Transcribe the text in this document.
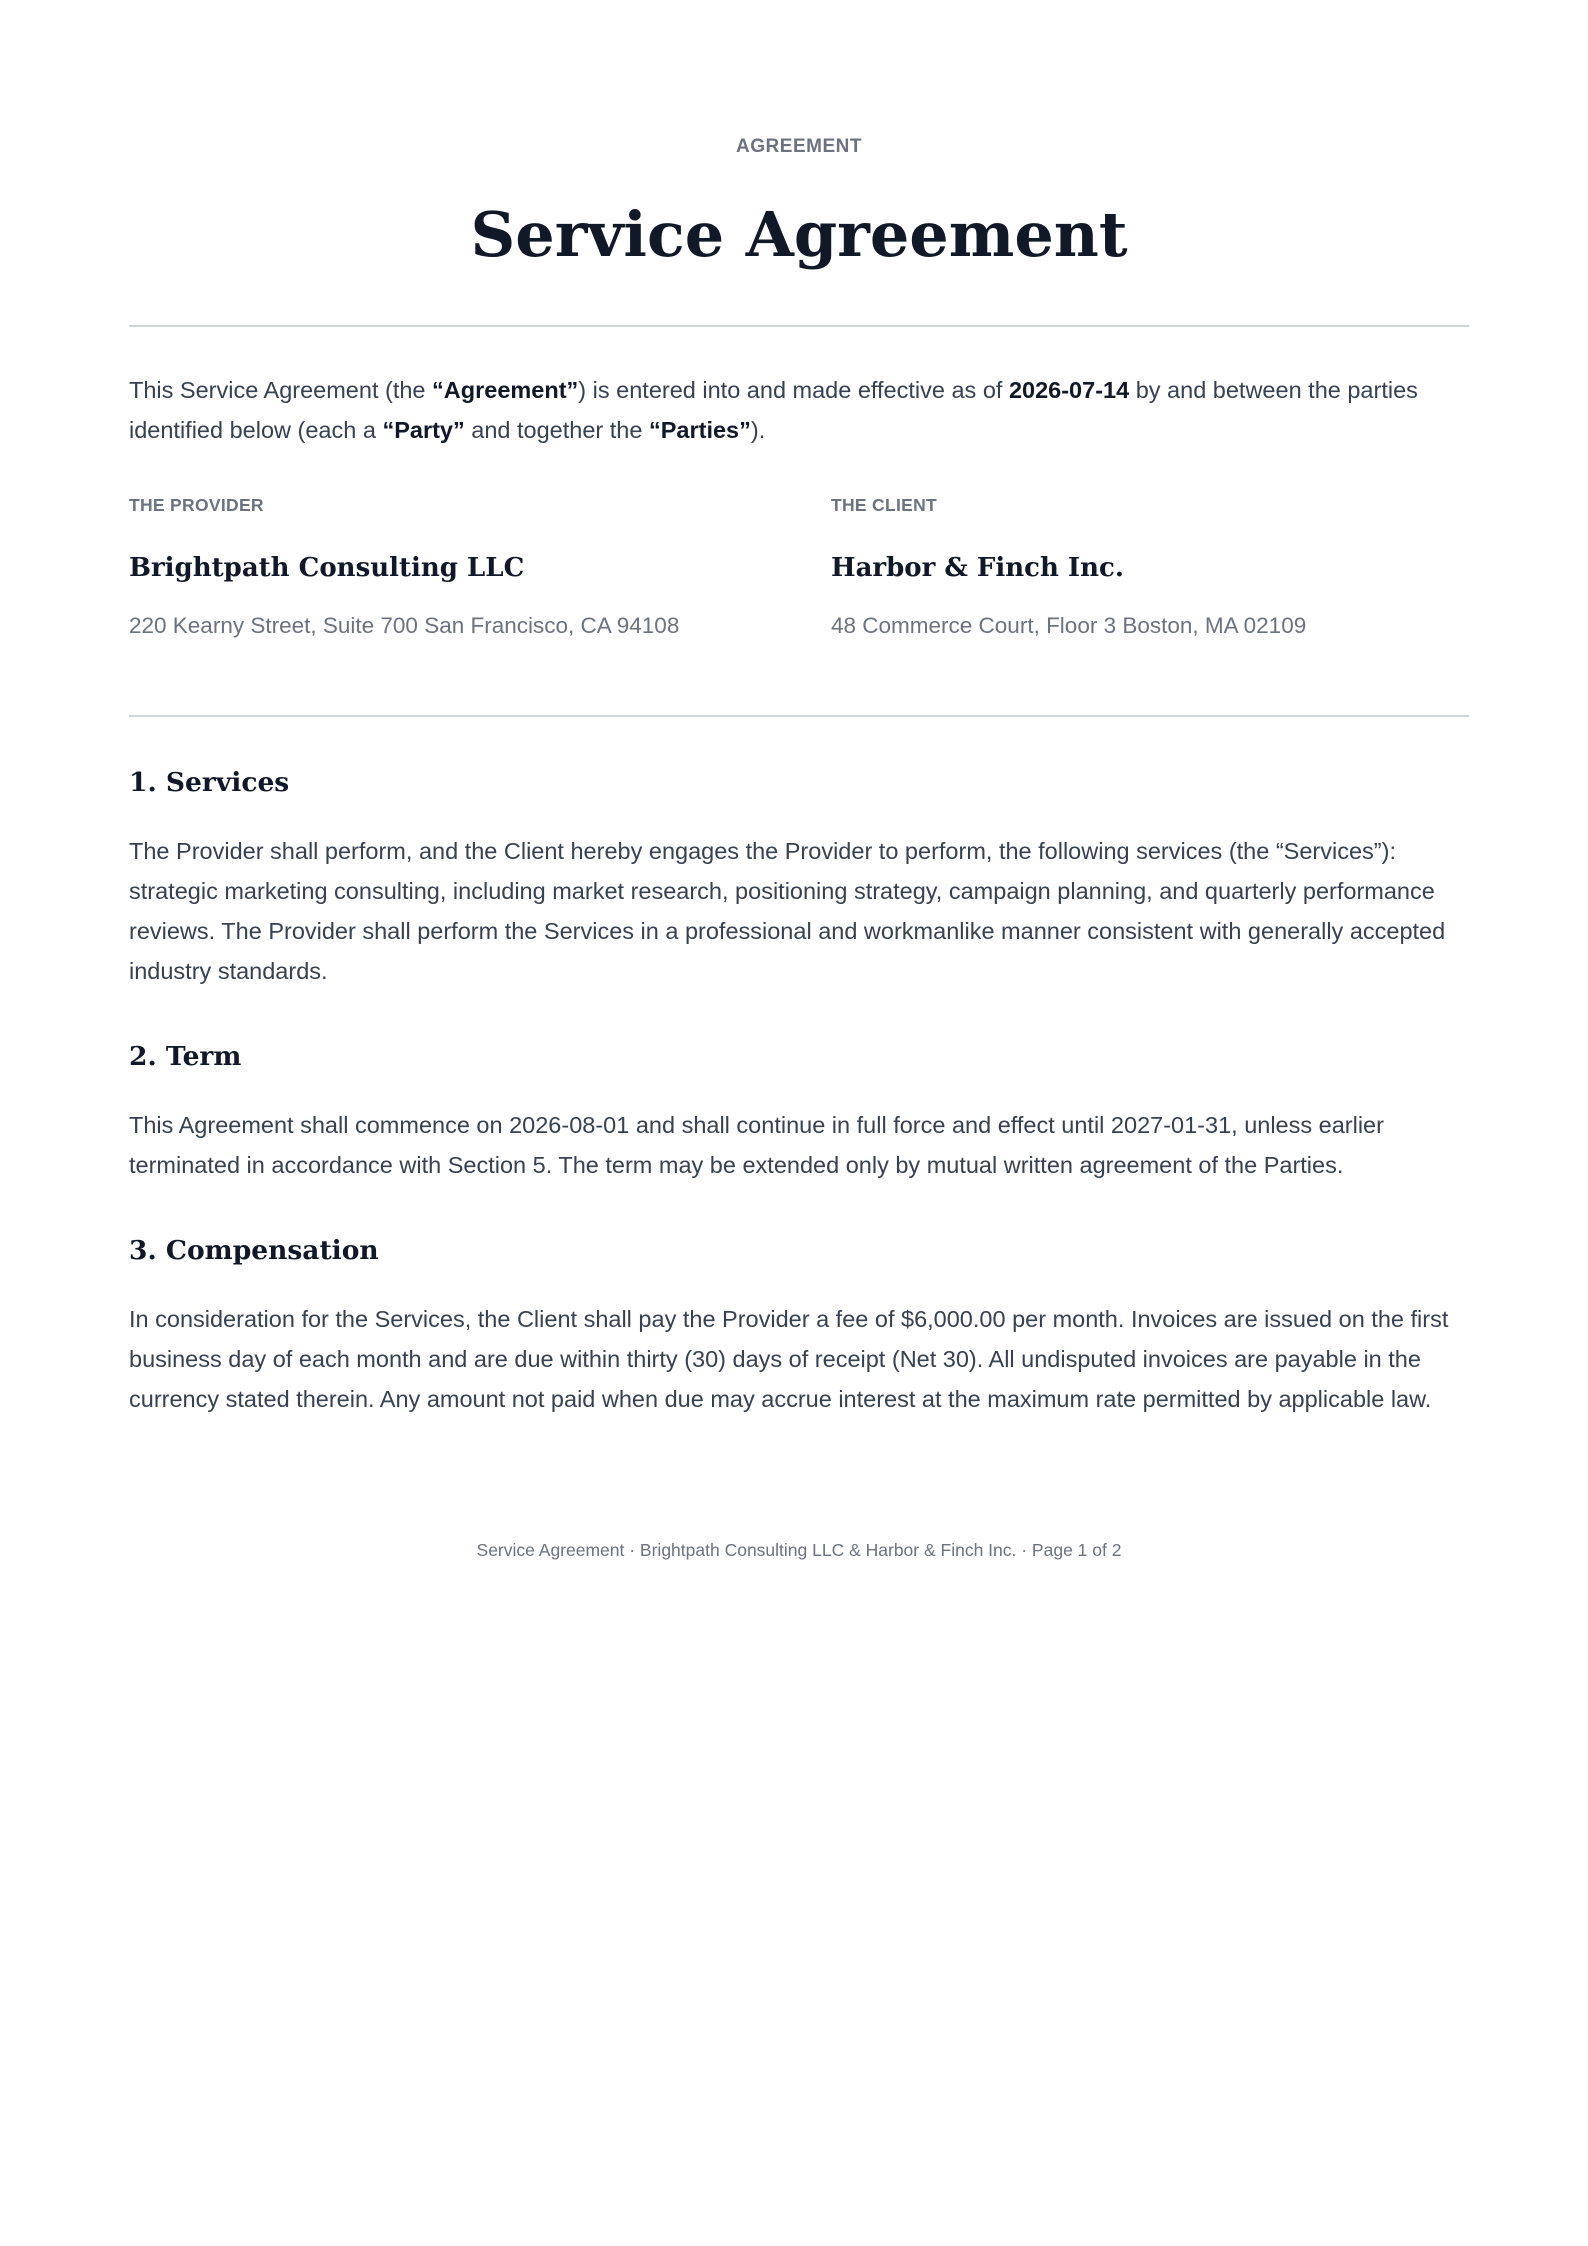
AGREEMENT
Service Agreement

This Service Agreement (the “Agreement”) is entered into and made effective as of 2026-07-14 by and between the parties identified below (each a “Party” and together the “Parties”).

THE PROVIDER
Brightpath Consulting LLC
220 Kearny Street, Suite 700 San Francisco, CA 94108
THE CLIENT
Harbor & Finch Inc.
48 Commerce Court, Floor 3 Boston, MA 02109
1. Services

The Provider shall perform, and the Client hereby engages the Provider to perform, the following services (the “Services”): strategic marketing consulting, including market research, positioning strategy, campaign planning, and quarterly performance reviews. The Provider shall perform the Services in a professional and workmanlike manner consistent with generally accepted industry standards.

2. Term

This Agreement shall commence on 2026-08-01 and shall continue in full force and effect until 2027-01-31, unless earlier terminated in accordance with Section 5. The term may be extended only by mutual written agreement of the Parties.

3. Compensation

In consideration for the Services, the Client shall pay the Provider a fee of $6,000.00 per month. Invoices are issued on the first business day of each month and are due within thirty (30) days of receipt (Net 30). All undisputed invoices are payable in the currency stated therein. Any amount not paid when due may accrue interest at the maximum rate permitted by applicable law.

Service Agreement · Brightpath Consulting LLC & Harbor & Finch Inc. · Page 1 of 2
